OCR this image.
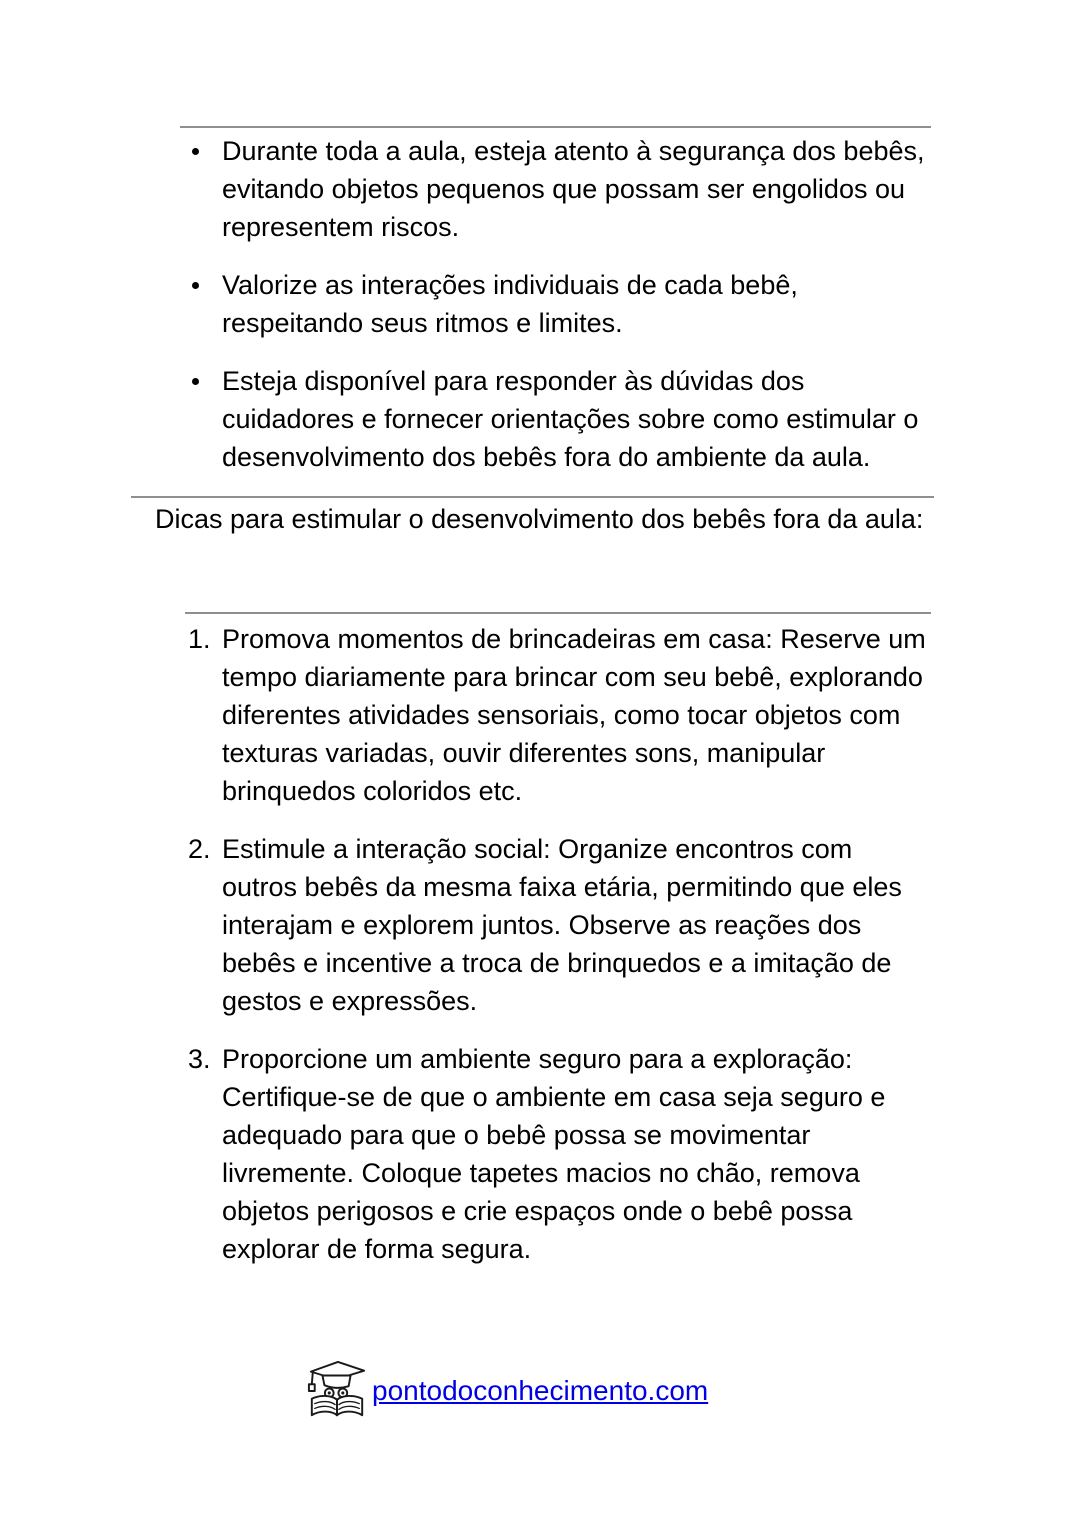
Durante toda a aula, esteja atento à segurança dos bebês, evitando objetos pequenos que possam ser engolidos ou representem riscos.
Valorize as interações individuais de cada bebê, respeitando seus ritmos e limites.
Esteja disponível para responder às dúvidas dos cuidadores e fornecer orientações sobre como estimular o desenvolvimento dos bebês fora do ambiente da aula.
Dicas para estimular o desenvolvimento dos bebês fora da aula:
1. Promova momentos de brincadeiras em casa: Reserve um tempo diariamente para brincar com seu bebê, explorando diferentes atividades sensoriais, como tocar objetos com texturas variadas, ouvir diferentes sons, manipular brinquedos coloridos etc.
2. Estimule a interação social: Organize encontros com outros bebês da mesma faixa etária, permitindo que eles interajam e explorem juntos. Observe as reações dos bebês e incentive a troca de brinquedos e a imitação de gestos e expressões.
3. Proporcione um ambiente seguro para a exploração: Certifique-se de que o ambiente em casa seja seguro e adequado para que o bebê possa se movimentar livremente. Coloque tapetes macios no chão, remova objetos perigosos e crie espaços onde o bebê possa explorar de forma segura.
pontodoconhecimento.com
